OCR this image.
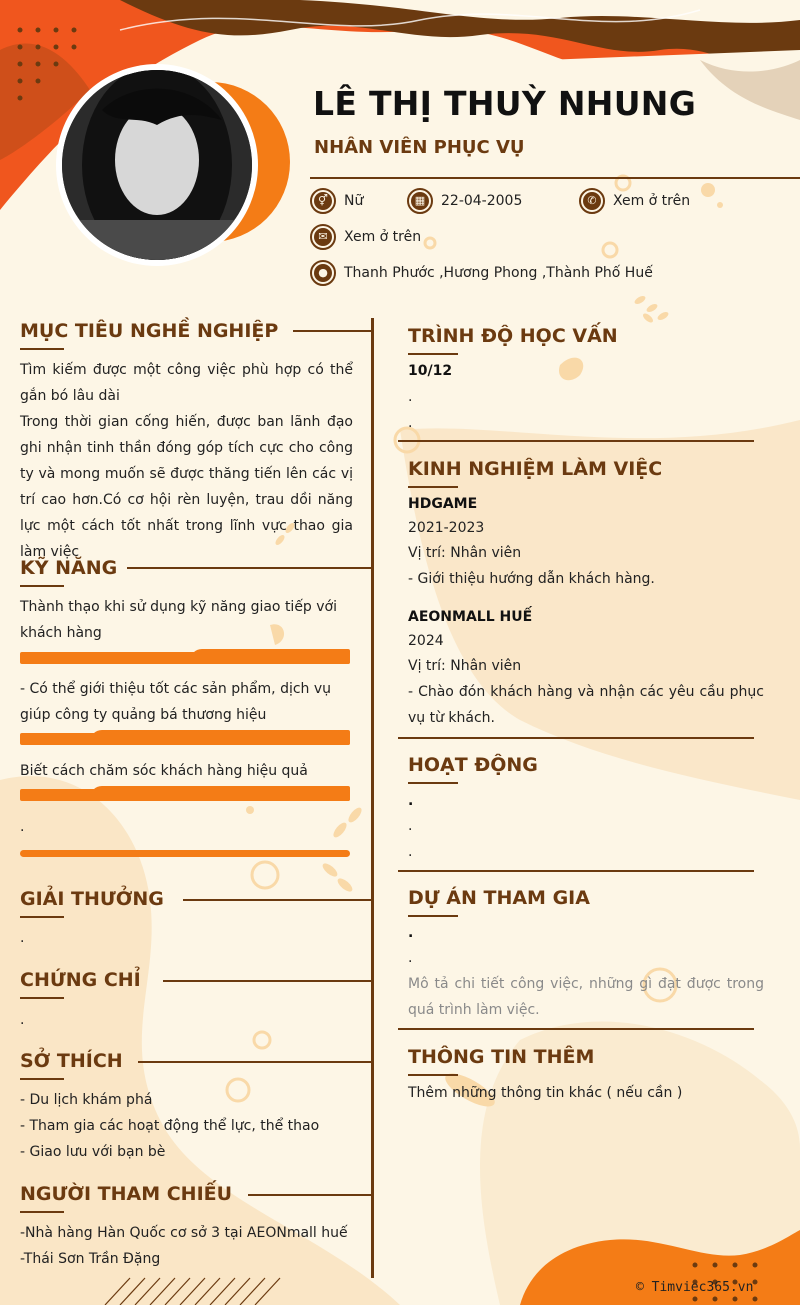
LÊ THỊ THUỲ NHUNG
NHÂN VIÊN PHỤC VỤ
⚥ Nữ	▦ 22-04-2005	✆	Xem ở trên
✉	Xem ở trên
●	Thanh Phước ,Hương Phong ,Thành Phố Huế
MỤC TIÊU NGHỀ NGHIỆP
Tìm kiếm được một công việc phù hợp có thể gắn bó lâu dài
Trong thời gian cống hiến, được ban lãnh đạo ghi nhận tinh thần đóng góp tích cực cho công ty và mong muốn sẽ được thăng tiến lên các vị trí cao hơn.Có cơ hội rèn luyện, trau dồi năng lực một cách tốt nhất trong lĩnh vực thao gia làm việc
KỸ NĂNG
Thành thạo khi sử dụng kỹ năng giao tiếp với khách hàng
- Có thể giới thiệu tốt các sản phẩm, dịch vụ giúp công ty quảng bá thương hiệu
Biết cách chăm sóc khách hàng hiệu quả
.
GIẢI THƯỞNG
.
CHỨNG CHỈ
.
SỞ THÍCH
- Du lịch khám phá
- Tham gia các hoạt động thể lực, thể thao
- Giao lưu với bạn bè
NGƯỜI THAM CHIẾU
-Nhà hàng Hàn Quốc cơ sở 3 tại AEONmall huế
-Thái Sơn Trần Đặng
TRÌNH ĐỘ HỌC VẤN
10/12
.
.
KINH NGHIỆM LÀM VIỆC
HDGAME
2021-2023
Vị trí: Nhân viên
- Giới thiệu hướng dẫn khách hàng.
AEONMALL HUẾ
2024
Vị trí: Nhân viên
- Chào đón khách hàng và nhận các yêu cầu phục vụ từ khách.
HOẠT ĐỘNG
.
.
.
DỰ ÁN THAM GIA
.
.
Mô tả chi tiết công việc, những gì đạt được trong quá trình làm việc.
THÔNG TIN THÊM
Thêm những thông tin khác ( nếu cần )
© Timviec365.vn
